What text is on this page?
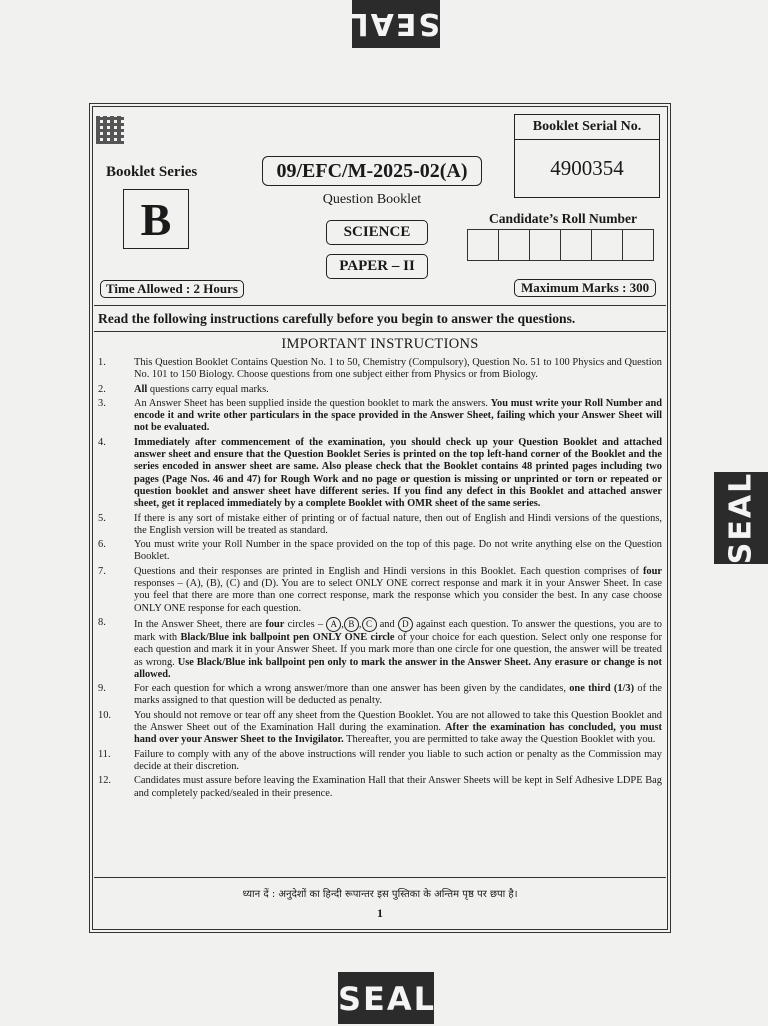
SEAL
SEAL
SEAL
Booklet Serial No.
4900354
Booklet Series
B
09/EFC/M-2025-02(A)
Question Booklet
SCIENCE
PAPER – II
Candidate’s Roll Number
Time Allowed : 2 Hours	Maximum Marks : 300
Read the following instructions carefully before you begin to answer the questions.
IMPORTANT INSTRUCTIONS
1.	This Question Booklet Contains Question No. 1 to 50, Chemistry (Compulsory), Question No. 51 to 100 Physics and Question No. 101 to 150 Biology. Choose questions from one subject either from Physics or from Biology.
2.	All questions carry equal marks.
3.	An Answer Sheet has been supplied inside the question booklet to mark the answers. You must write your Roll Number and encode it and write other particulars in the space provided in the Answer Sheet, failing which your Answer Sheet will not be evaluated.
4.	Immediately after commencement of the examination, you should check up your Question Booklet and attached answer sheet and ensure that the Question Booklet Series is printed on the top left-hand corner of the Booklet and the series encoded in answer sheet are same. Also please check that the Booklet contains 48 printed pages including two pages (Page Nos. 46 and 47) for Rough Work and no page or question is missing or unprinted or torn or repeated or question booklet and answer sheet have different series. If you find any defect in this Booklet and attached answer sheet, get it replaced immediately by a complete Booklet with OMR sheet of the same series.
5.	If there is any sort of mistake either of printing or of factual nature, then out of English and Hindi versions of the questions, the English version will be treated as standard.
6.	You must write your Roll Number in the space provided on the top of this page. Do not write anything else on the Question Booklet.
7.	Questions and their responses are printed in English and Hindi versions in this Booklet. Each question comprises of four responses – (A), (B), (C) and (D). You are to select ONLY ONE correct response and mark it in your Answer Sheet. In case you feel that there are more than one correct response, mark the response which you consider the best. In any case choose ONLY ONE response for each question.
8.	In the Answer Sheet, there are four circles – A , B , C and D against each question. To answer the questions, you are to mark with Black/Blue ink ballpoint pen ONLY ONE circle of your choice for each question. Select only one response for each question and mark it in your Answer Sheet. If you mark more than one circle for one question, the answer will be treated as wrong. Use Black/Blue ink ballpoint pen only to mark the answer in the Answer Sheet. Any erasure or change is not allowed.
9.	For each question for which a wrong answer/more than one answer has been given by the candidates, one third (1/3) of the marks assigned to that question will be deducted as penalty.
10.	You should not remove or tear off any sheet from the Question Booklet. You are not allowed to take this Question Booklet and the Answer Sheet out of the Examination Hall during the examination. After the examination has concluded, you must hand over your Answer Sheet to the Invigilator. Thereafter, you are permitted to take away the Question Booklet with you.
11.	Failure to comply with any of the above instructions will render you liable to such action or penalty as the Commission may decide at their discretion.
12.	Candidates must assure before leaving the Examination Hall that their Answer Sheets will be kept in Self Adhesive LDPE Bag and completely packed/sealed in their presence.
ध्यान दें : अनुदेशों का हिन्दी रूपान्तर इस पुस्तिका के अन्तिम पृष्ठ पर छपा है।
1
